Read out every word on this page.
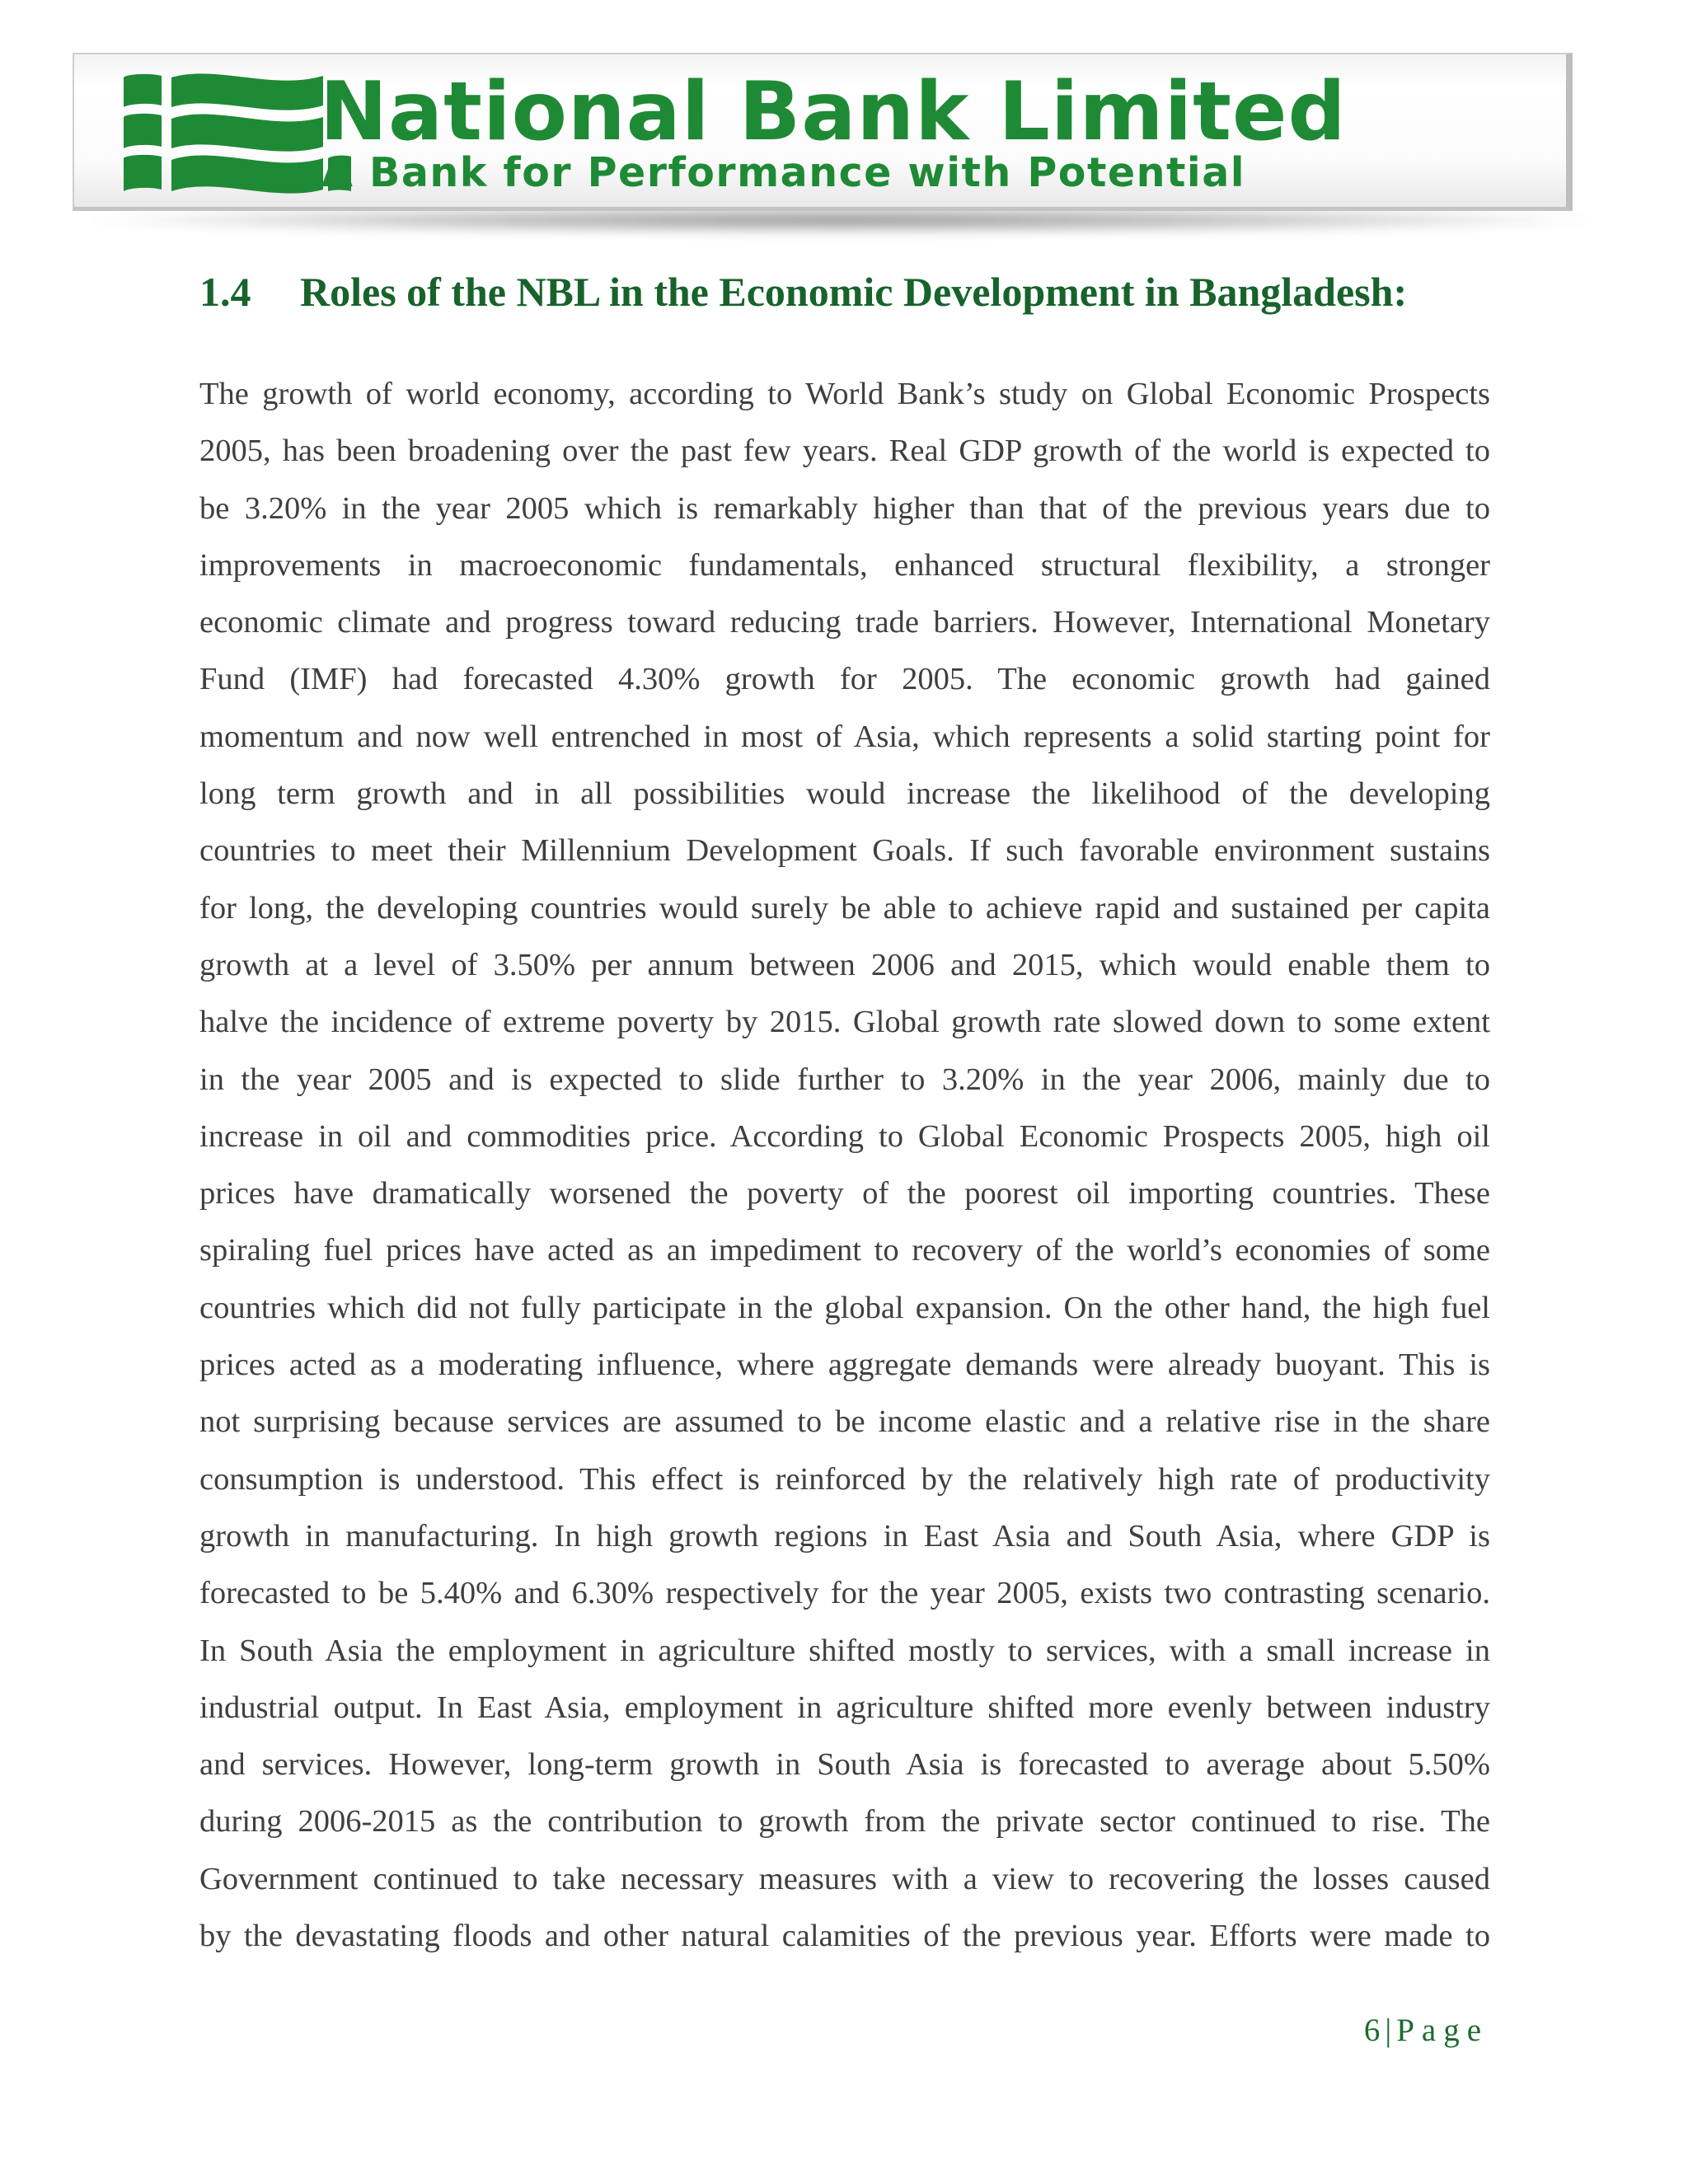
National Bank Limited

A Bank for Performance with Potential

1.4 Roles of the NBL in the Economic Development in Bangladesh:
The growth of world economy, according to World Bank’s study on Global Economic Prospects
2005, has been broadening over the past few years. Real GDP growth of the world is expected to
be 3.20% in the year 2005 which is remarkably higher than that of the previous years due to
improvements in macroeconomic fundamentals, enhanced structural flexibility, a stronger
economic climate and progress toward reducing trade barriers. However, International Monetary
Fund (IMF) had forecasted 4.30% growth for 2005. The economic growth had gained
momentum and now well entrenched in most of Asia, which represents a solid starting point for
long term growth and in all possibilities would increase the likelihood of the developing
countries to meet their Millennium Development Goals. If such favorable environment sustains
for long, the developing countries would surely be able to achieve rapid and sustained per capita
growth at a level of 3.50% per annum between 2006 and 2015, which would enable them to
halve the incidence of extreme poverty by 2015. Global growth rate slowed down to some extent
in the year 2005 and is expected to slide further to 3.20% in the year 2006, mainly due to
increase in oil and commodities price. According to Global Economic Prospects 2005, high oil
prices have dramatically worsened the poverty of the poorest oil importing countries. These
spiraling fuel prices have acted as an impediment to recovery of the world’s economies of some
countries which did not fully participate in the global expansion. On the other hand, the high fuel
prices acted as a moderating influence, where aggregate demands were already buoyant. This is
not surprising because services are assumed to be income elastic and a relative rise in the share
consumption is understood. This effect is reinforced by the relatively high rate of productivity
growth in manufacturing. In high growth regions in East Asia and South Asia, where GDP is
forecasted to be 5.40% and 6.30% respectively for the year 2005, exists two contrasting scenario.
In South Asia the employment in agriculture shifted mostly to services, with a small increase in
industrial output. In East Asia, employment in agriculture shifted more evenly between industry
and services. However, long-term growth in South Asia is forecasted to average about 5.50%
during 2006-2015 as the contribution to growth from the private sector continued to rise. The
Government continued to take necessary measures with a view to recovering the losses caused
by the devastating floods and other natural calamities of the previous year. Efforts were made to

6 | Page
